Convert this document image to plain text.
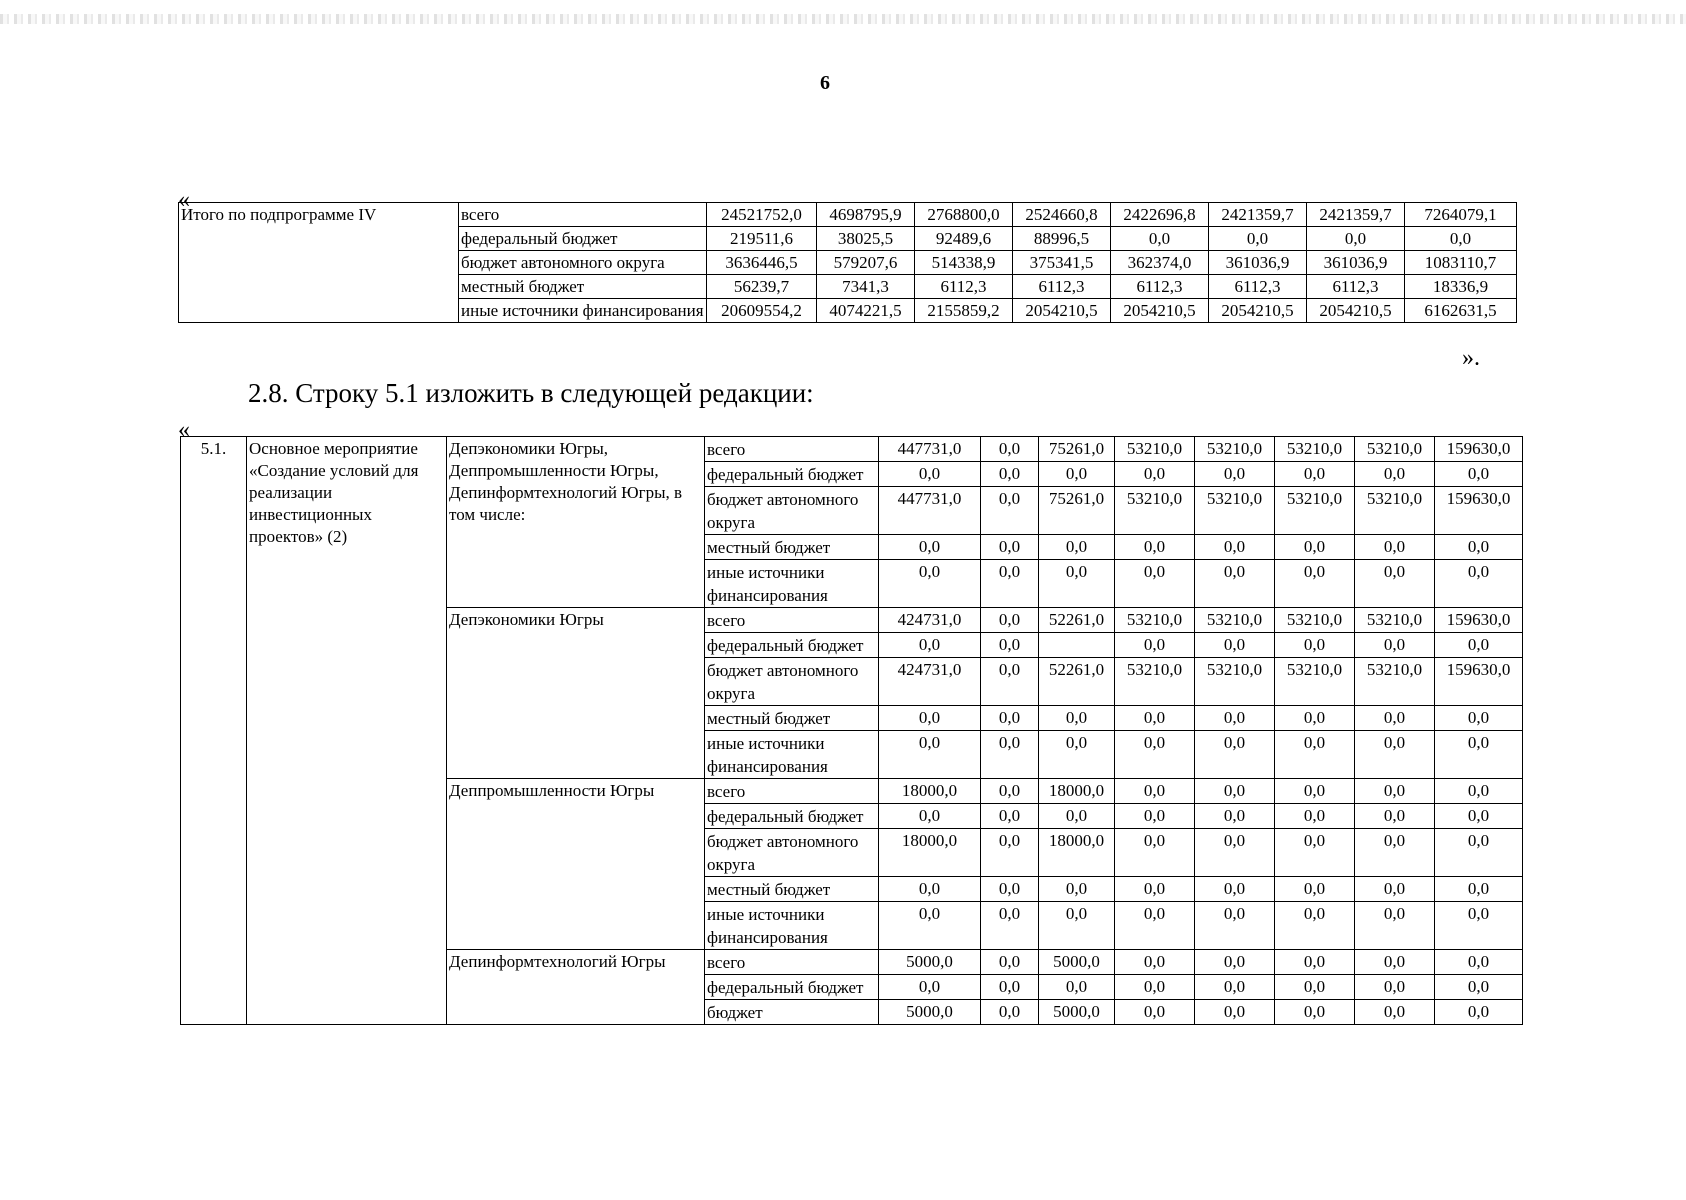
6
«
Итого по подпрограмме IV	всего	24521752,0	4698795,9	2768800,0	2524660,8	2422696,8	2421359,7	2421359,7	7264079,1
	федеральный бюджет	219511,6	38025,5	92489,6	88996,5	0,0	0,0	0,0	0,0
	бюджет автономного округа	3636446,5	579207,6	514338,9	375341,5	362374,0	361036,9	361036,9	1083110,7
	местный бюджет	56239,7	7341,3	6112,3	6112,3	6112,3	6112,3	6112,3	18336,9
	иные источники финансирования	20609554,2	4074221,5	2155859,2	2054210,5	2054210,5	2054210,5	2054210,5	6162631,5
».
2.8. Строку 5.1 изложить в следующей редакции:
«
5.1.	Основное мероприятие «Создание условий для реализации инвестиционных проектов» (2)	Депэкономики Югры, Деппромышленности Югры, Депинформтехнологий Югры, в том числе:	всего	447731,0	0,0	75261,0	53210,0	53210,0	53210,0	53210,0	159630,0
			федеральный бюджет	0,0	0,0	0,0	0,0	0,0	0,0	0,0	0,0
			бюджет автономного округа	447731,0	0,0	75261,0	53210,0	53210,0	53210,0	53210,0	159630,0
			местный бюджет	0,0	0,0	0,0	0,0	0,0	0,0	0,0	0,0
			иные источники финансирования	0,0	0,0	0,0	0,0	0,0	0,0	0,0	0,0
		Депэкономики Югры	всего	424731,0	0,0	52261,0	53210,0	53210,0	53210,0	53210,0	159630,0
			федеральный бюджет	0,0	0,0		0,0	0,0	0,0	0,0	0,0
			бюджет автономного округа	424731,0	0,0	52261,0	53210,0	53210,0	53210,0	53210,0	159630,0
			местный бюджет	0,0	0,0	0,0	0,0	0,0	0,0	0,0	0,0
			иные источники финансирования	0,0	0,0	0,0	0,0	0,0	0,0	0,0	0,0
		Деппромышленности Югры	всего	18000,0	0,0	18000,0	0,0	0,0	0,0	0,0	0,0
			федеральный бюджет	0,0	0,0	0,0	0,0	0,0	0,0	0,0	0,0
			бюджет автономного округа	18000,0	0,0	18000,0	0,0	0,0	0,0	0,0	0,0
			местный бюджет	0,0	0,0	0,0	0,0	0,0	0,0	0,0	0,0
			иные источники финансирования	0,0	0,0	0,0	0,0	0,0	0,0	0,0	0,0
		Депинформтехнологий Югры	всего	5000,0	0,0	5000,0	0,0	0,0	0,0	0,0	0,0
			федеральный бюджет	0,0	0,0	0,0	0,0	0,0	0,0	0,0	0,0
			бюджет	5000,0	0,0	5000,0	0,0	0,0	0,0	0,0	0,0
